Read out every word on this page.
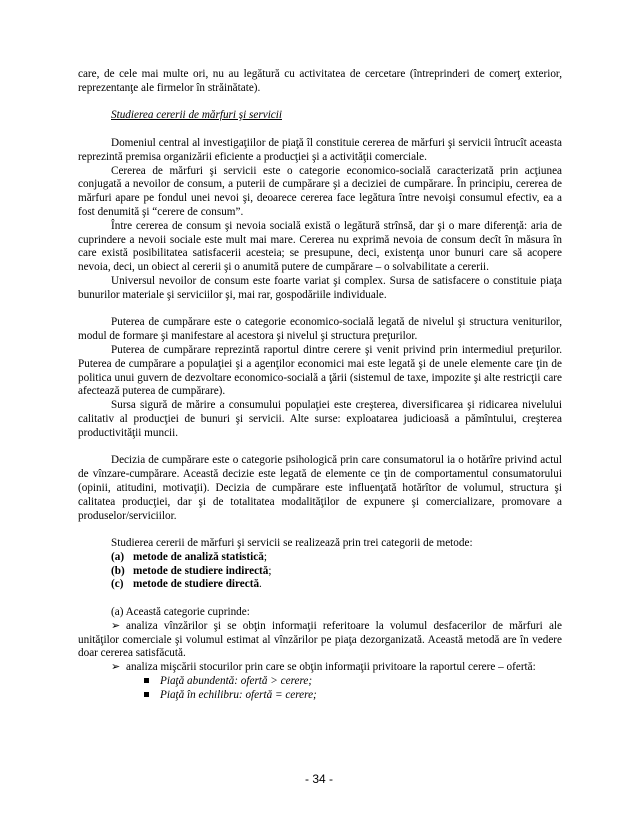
care, de cele mai multe ori, nu au legătură cu activitatea de cercetare (întreprinderi de comerţ exterior, reprezentanţe ale firmelor în străinătate).

Studierea cererii de mărfuri şi servicii

Domeniul central al investigaţiilor de piaţă îl constituie cererea de mărfuri şi servicii întrucît aceasta reprezintă premisa organizării eficiente a producţiei şi a activităţii comerciale.

Cererea de mărfuri şi servicii este o categorie economico-socială caracterizată prin acţiunea conjugată a nevoilor de consum, a puterii de cumpărare şi a deciziei de cumpărare. În principiu, cererea de mărfuri apare pe fondul unei nevoi şi, deoarece cererea face legătura între nevoişi consumul efectiv, ea a fost denumită şi “cerere de consum”.

Între cererea de consum şi nevoia socială există o legătură strînsă, dar şi o mare diferenţă: aria de cuprindere a nevoii sociale este mult mai mare. Cererea nu exprimă nevoia de consum decît în măsura în care există posibilitatea satisfacerii acesteia; se presupune, deci, existenţa unor bunuri care să acopere nevoia, deci, un obiect al cererii şi o anumită putere de cumpărare – o solvabilitate a cererii.

Universul nevoilor de consum este foarte variat şi complex. Sursa de satisfacere o constituie piaţa bunurilor materiale şi serviciilor şi, mai rar, gospodăriile individuale.

Puterea de cumpărare este o categorie economico-socială legată de nivelul şi structura veniturilor, modul de formare şi manifestare al acestora şi nivelul şi structura preţurilor.

Puterea de cumpărare reprezintă raportul dintre cerere şi venit privind prin intermediul preţurilor. Puterea de cumpărare a populaţiei şi a agenţilor economici mai este legată şi de unele elemente care ţin de politica unui guvern de dezvoltare economico-socială a ţării (sistemul de taxe, impozite şi alte restricţii care afectează puterea de cumpărare).

Sursa sigură de mărire a consumului populaţiei este creşterea, diversificarea şi ridicarea nivelului calitativ al producţiei de bunuri şi servicii. Alte surse: exploatarea judicioasă a pămîntului, creşterea productivităţii muncii.

Decizia de cumpărare este o categorie psihologică prin care consumatorul ia o hotărîre privind actul de vînzare-cumpărare. Această decizie este legată de elemente ce ţin de comportamentul consumatorului (opinii, atitudini, motivaţii). Decizia de cumpărare este influenţată hotărîtor de volumul, structura şi calitatea producţiei, dar şi de totalitatea modalităţilor de expunere şi comercializare, promovare a produselor/serviciilor.

Studierea cererii de mărfuri şi servicii se realizează prin trei categorii de metode:

(a) metode de analiză statistică;
(b) metode de studiere indirectă;
(c) metode de studiere directă.

(a) Această categorie cuprinde:

➢ analiza vînzărilor şi se obţin informaţii referitoare la volumul desfacerilor de mărfuri ale unităţilor comerciale şi volumul estimat al vînzărilor pe piaţa dezorganizată. Această metodă are în vedere doar cererea satisfăcută.

➢ analiza mişcării stocurilor prin care se obţin informaţii privitoare la raportul cerere – ofertă:

Piaţă abundentă: ofertă > cerere;
Piaţă în echilibru: ofertă = cerere;
- 34 -
